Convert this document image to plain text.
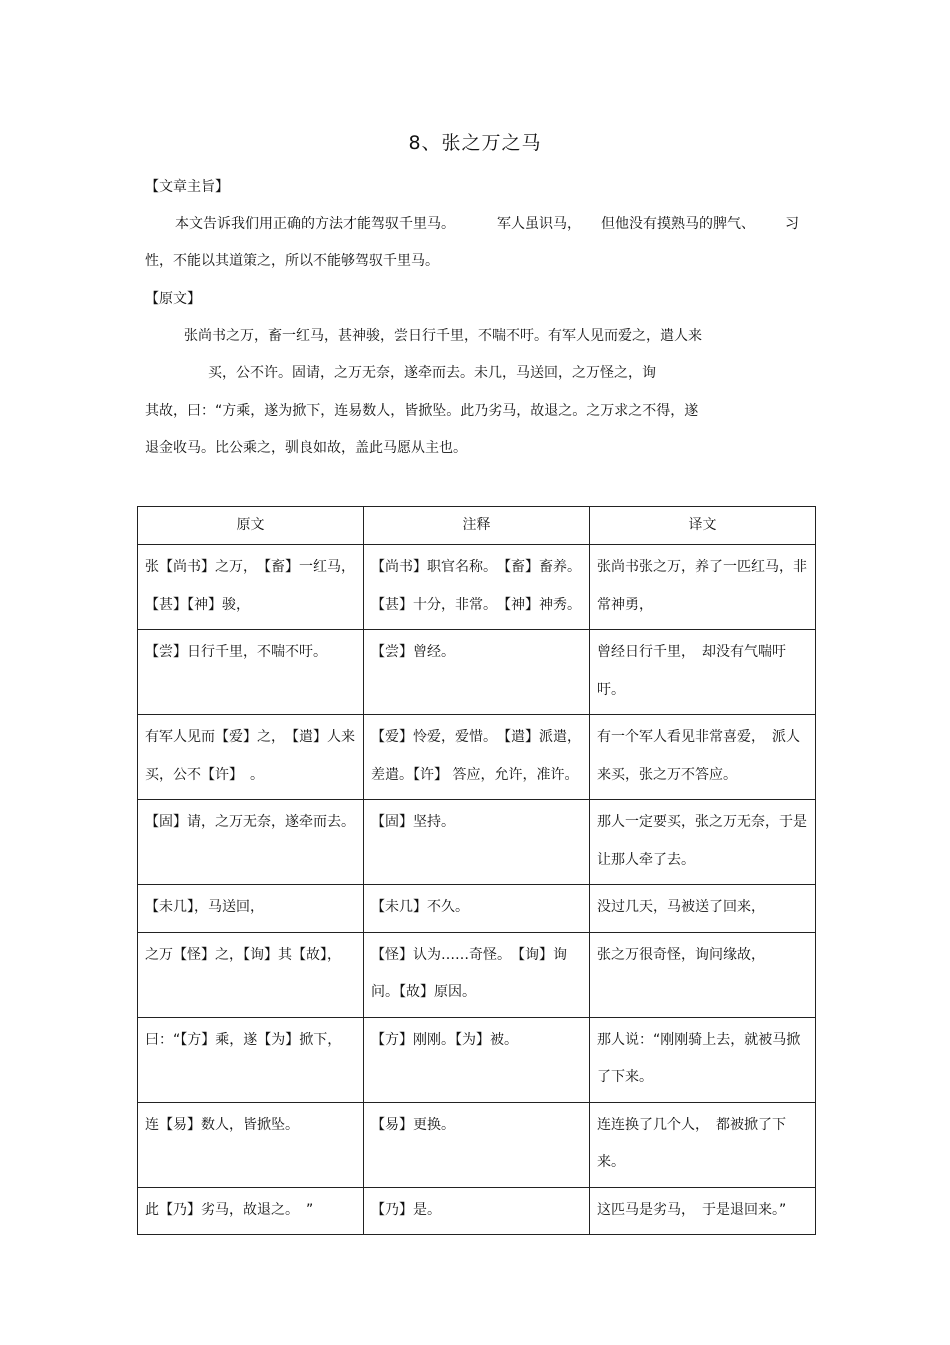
8、张之万之马
【文章主旨】
本文告诉我们用正确的方法才能驾驭千里马。	军人虽识马， 但他没有摸熟马的脾气、 习
性，不能以其道策之，所以不能够驾驭千里马。
【原文】
张尚书之万，畜一红马，甚神骏，尝日行千里，不喘不吁。有军人见而爱之，遣人来
买，公不许。固请，之万无奈，遂牵而去。未几，马送回，之万怪之，询
其故，曰：“方乘，遂为掀下，连易数人，皆掀坠。此乃劣马，故退之。之万求之不得，遂
退金收马。比公乘之，驯良如故，盖此马愿从主也。
原文	注释	译文
张【尚书】之万，　【畜】一红马，【甚】【神】骏，	【尚书】职官名称。　【畜】畜养。【甚】十分，非常。　【神】神秀。	张尚书张之万，养了一匹红马，非常神勇，
【尝】日行千里，不喘不吁。	【尝】曾经。	曾经日行千里，　却没有气喘吁吁。
有军人见而【爱】之，　【遣】人来买，公不【许】　。	【爱】怜爱，爱惜。　【遣】派遣，差遣。【许】 答应，允许，准许。	有一个军人看见非常喜爱，　派人来买，张之万不答应。
【固】请，之万无奈，遂牵而去。	【固】坚持。	那人一定要买，张之万无奈，于是让那人牵了去。
【未几】，马送回，	【未几】不久。	没过几天，马被送了回来，
之万【怪】之，【询】其【故】，	【怪】认为……奇怪。　【询】询问。【故】原因。	张之万很奇怪，询问缘故，
曰：“【方】乘，遂【为】掀下，	【方】刚刚。【为】被。	那人说：“刚刚骑上去，就被马掀了下来。
连【易】数人，皆掀坠。	【易】更换。	连连换了几个人，　都被掀了下来。
此【乃】劣马，故退之。　”	【乃】是。	这匹马是劣马，　于是退回来。”
